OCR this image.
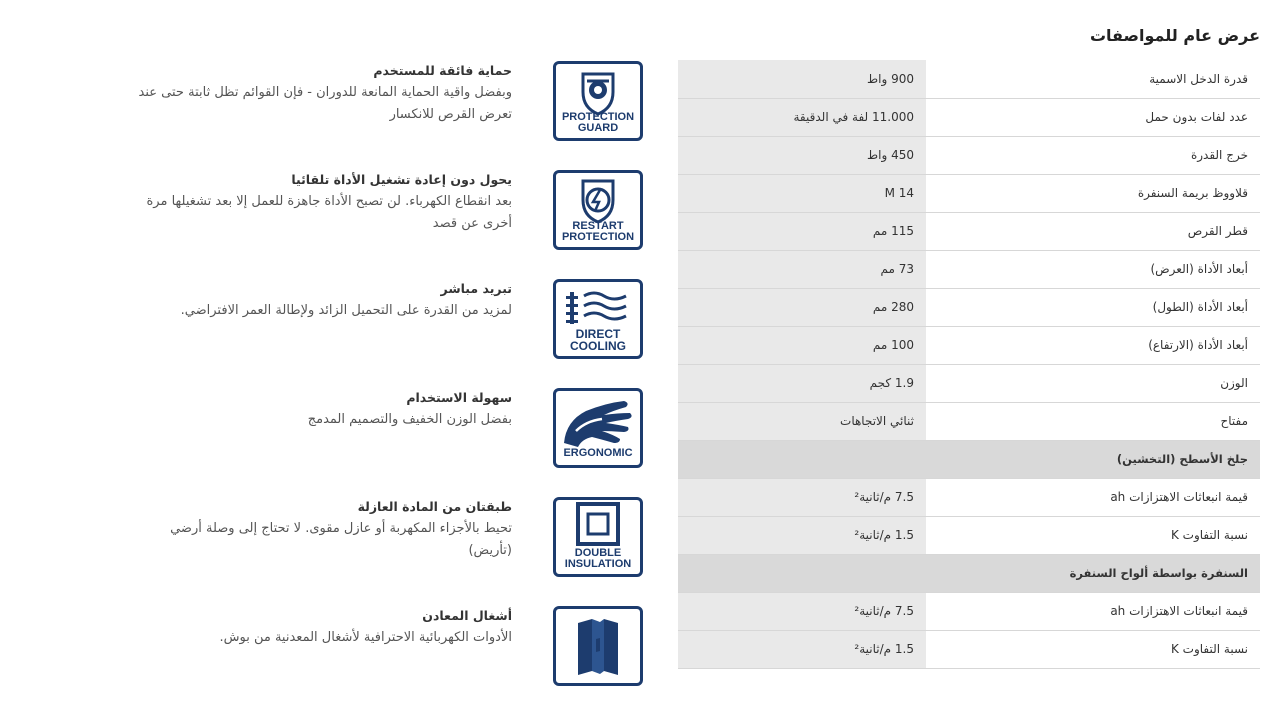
عرض عام للمواصفات
قدرة الدخل الاسمية	900 واط
عدد لفات بدون حمل	11.000 لفة في الدقيقة
خرج القدرة	450 واط
قلاووظ بريمة السنفرة	M 14
قطر القرص	115 مم
أبعاد الأداة (العرض)	73 مم
أبعاد الأداة (الطول)	280 مم
أبعاد الأداة (الارتفاع)	100 مم
الوزن	1.9 كجم
مفتاح	ثنائي الاتجاهات
جلخ الأسطح (التخشين)	
قيمة انبعاثات الاهتزازات ah	7.5 م/ثانية²
نسبة التفاوت K	1.5 م/ثانية²
السنفرة بواسطة ألواح السنفرة	
قيمة انبعاثات الاهتزازات ah	7.5 م/ثانية²
نسبة التفاوت K	1.5 م/ثانية²
PROTECTION
GUARD
حماية فائقة للمستخدم
وبفضل واقية الحماية المانعة للدوران - فإن القوائم تظل ثابتة حتى عند
تعرض القرص للانكسار
RESTART
PROTECTION
يحول دون إعادة تشغيل الأداة تلقائيا
بعد انقطاع الكهرباء. لن تصبح الأداة جاهزة للعمل إلا بعد تشغيلها مرة
أخرى عن قصد
DIRECT
COOLING
تبريد مباشر
لمزيد من القدرة على التحميل الزائد ولإطالة العمر الافتراضي.
ERGONOMIC
سهولة الاستخدام
بفضل الوزن الخفيف والتصميم المدمج
DOUBLE
INSULATION
طبقتان من المادة العازلة
تحيط بالأجزاء المكهربة أو عازل مقوى. لا تحتاج إلى وصلة أرضي
(تأريض)
أشغال المعادن
الأدوات الكهربائية الاحترافية لأشغال المعدنية من بوش.
